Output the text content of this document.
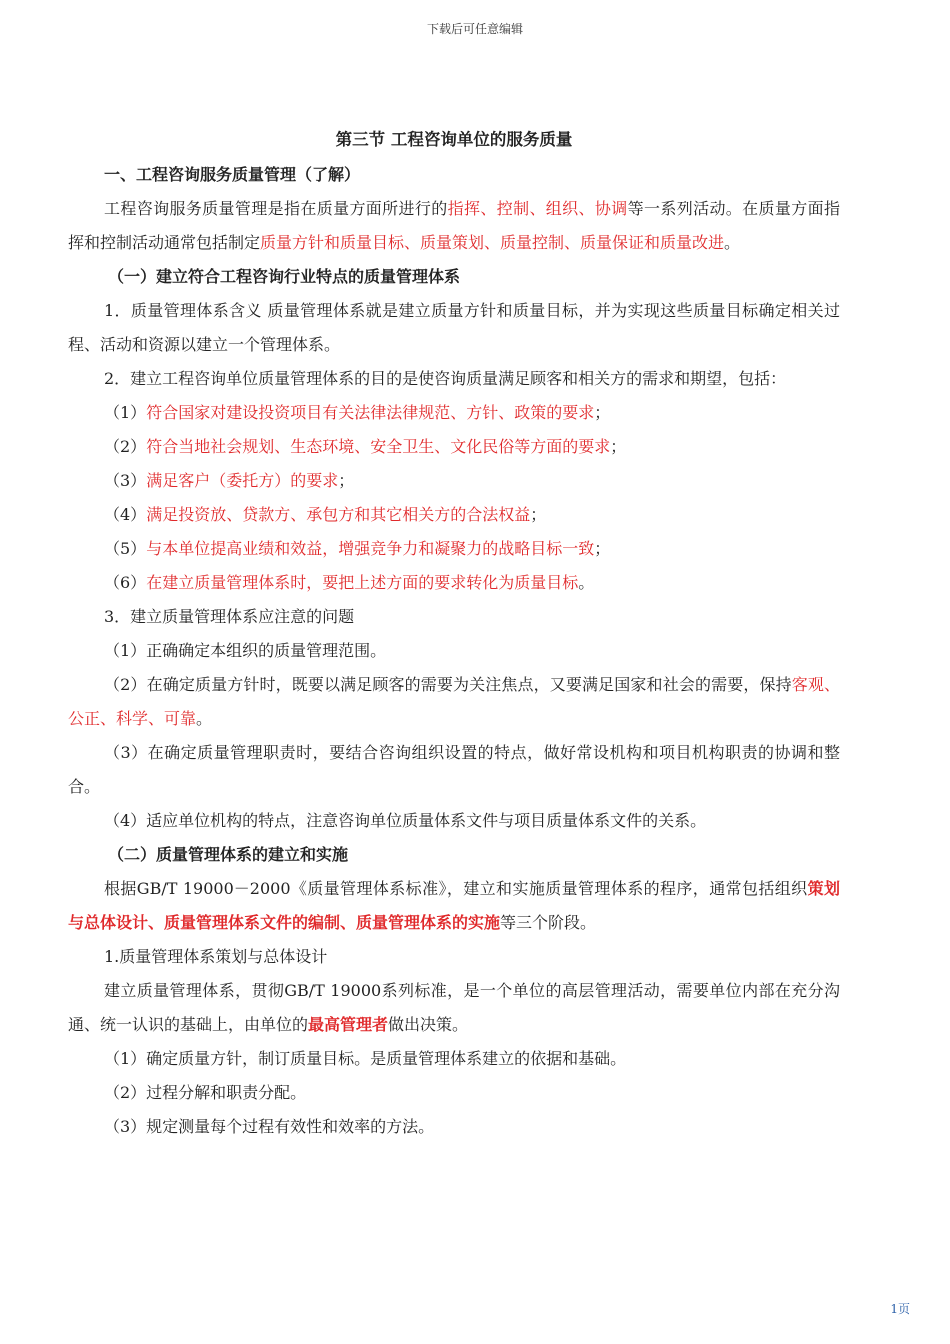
下载后可任意编辑
第三节 工程咨询单位的服务质量
一、工程咨询服务质量管理（了解）

工程咨询服务质量管理是指在质量方面所进行的指挥、控制、组织、协调等一系列活动。在质量方面指挥和控制活动通常包括制定质量方针和质量目标、质量策划、质量控制、质量保证和质量改进。

（一）建立符合工程咨询行业特点的质量管理体系

1．质量管理体系含义 质量管理体系就是建立质量方针和质量目标，并为实现这些质量目标确定相关过程、活动和资源以建立一个管理体系。

2．建立工程咨询单位质量管理体系的目的是使咨询质量满足顾客和相关方的需求和期望，包括：

（1）符合国家对建设投资项目有关法律法律规范、方针、政策的要求；

（2）符合当地社会规划、生态环境、安全卫生、文化民俗等方面的要求；

（3）满足客户（委托方）的要求；

（4）满足投资放、贷款方、承包方和其它相关方的合法权益；

（5）与本单位提高业绩和效益，增强竞争力和凝聚力的战略目标一致；

（6）在建立质量管理体系时，要把上述方面的要求转化为质量目标。

3．建立质量管理体系应注意的问题

（1）正确确定本组织的质量管理范围。

（2）在确定质量方针时，既要以满足顾客的需要为关注焦点，又要满足国家和社会的需要，保持客观、公正、科学、可靠。

（3）在确定质量管理职责时，要结合咨询组织设置的特点，做好常设机构和项目机构职责的协调和整合。

（4）适应单位机构的特点，注意咨询单位质量体系文件与项目质量体系文件的关系。

（二）质量管理体系的建立和实施

根据GB/T 19000－2000《质量管理体系标准》，建立和实施质量管理体系的程序，通常包括组织策划与总体设计、质量管理体系文件的编制、质量管理体系的实施等三个阶段。

1.质量管理体系策划与总体设计

建立质量管理体系，贯彻GB/T 19000系列标准，是一个单位的高层管理活动，需要单位内部在充分沟通、统一认识的基础上，由单位的最高管理者做出决策。

（1）确定质量方针，制订质量目标。是质量管理体系建立的依据和基础。

（2）过程分解和职责分配。

（3）规定测量每个过程有效性和效率的方法。

1页
